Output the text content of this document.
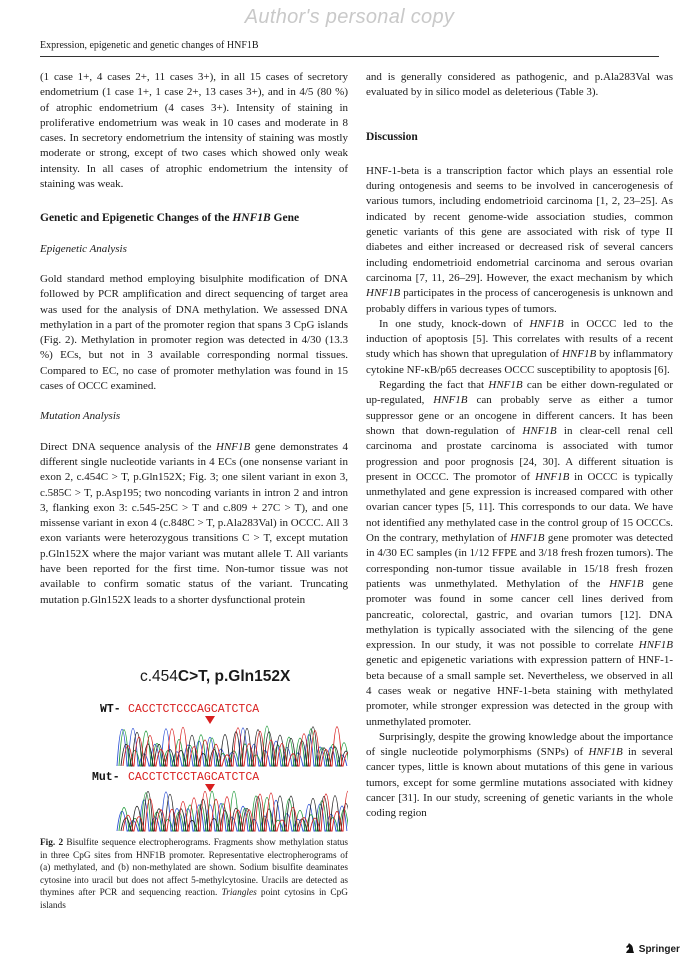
Author's personal copy
Expression, epigenetic and genetic changes of HNF1B

(1 case 1+, 4 cases 2+, 11 cases 3+), in all 15 cases of secretory endometrium (1 case 1+, 1 case 2+, 13 cases 3+), and in 4/5 (80 %) of atrophic endometrium (4 cases 3+). Intensity of staining in proliferative endometrium was weak in 10 cases and moderate in 8 cases. In secretory endometrium the intensity of staining was mostly moderate or strong, except of two cases which showed only weak intensity. In all cases of atrophic endometrium the intensity of staining was weak.

Genetic and Epigenetic Changes of the HNF1B Gene

Epigenetic Analysis

Gold standard method employing bisulphite modification of DNA followed by PCR amplification and direct sequencing of target area was used for the analysis of DNA methylation. We assessed DNA methylation in a part of the promoter region that spans 3 CpG islands (Fig. 2). Methylation in promoter region was detected in 4/30 (13.3 %) ECs, but not in 3 available corresponding normal tissues. Compared to EC, no case of promoter methylation was found in 15 cases of OCCC examined.

Mutation Analysis

Direct DNA sequence analysis of the HNF1B gene demonstrates 4 different single nucleotide variants in 4 ECs (one nonsense variant in exon 2, c.454C > T, p.Gln152X; Fig. 3; one silent variant in exon 3, c.585C > T, p.Asp195; two noncoding variants in intron 2 and intron 3, flanking exon 3: c.545-25C > T and c.809 + 27C > T), and one missense variant in exon 4 (c.848C > T, p.Ala283Val) in OCCC. All 3 exon variants were heterozygous transitions C > T, except mutation p.Gln152X where the major variant was mutant allele T. All variants have been reported for the first time. Non-tumor tissue was not available to confirm somatic status of the variant. Truncating mutation p.Gln152X leads to a shorter dysfunctional protein

c.454C>T, p.Gln152X
WT- CACCTCTCCCAGCATCTCA
Mut- CACCTCTCCTAGCATCTCA
Fig. 2 Bisulfite sequence electropherograms. Fragments show methylation status in three CpG sites from HNF1B promoter. Representative electropherograms of (a) methylated, and (b) non-methylated are shown. Sodium bisulfite deaminates cytosine into uracil but does not affect 5-methylcytosine. Uracils are detected as thymines after PCR and sequencing reaction. Triangles point cytosins in CpG islands

and is generally considered as pathogenic, and p.Ala283Val was evaluated by in silico model as deleterious (Table 3).

Discussion

HNF-1-beta is a transcription factor which plays an essential role during ontogenesis and seems to be involved in cancerogenesis of various tumors, including endometrioid carcinoma [1, 2, 23–25]. As indicated by recent genome-wide association studies, common genetic variants of this gene are associated with risk of type II diabetes and either increased or decreased risk of several cancers including endometrioid endometrial carcinoma and serous ovarian carcinoma [7, 11, 26–29]. However, the exact mechanism by which HNF1B participates in the process of cancerogenesis is unknown and probably differs in various types of tumors.

In one study, knock-down of HNF1B in OCCC led to the induction of apoptosis [5]. This correlates with results of a recent study which has shown that upregulation of HNF1B by inflammatory cytokine NF-κB/p65 decreases OCCC susceptibility to apoptosis [6].

Regarding the fact that HNF1B can be either down-regulated or up-regulated, HNF1B can probably serve as either a tumor suppressor gene or an oncogene in different cancers. It has been shown that down-regulation of HNF1B in clear-cell renal cell carcinoma and prostate carcinoma is associated with tumor progression and poor prognosis [24, 30]. A different situation is present in OCCC. The promotor of HNF1B in OCCC is typically unmethylated and gene expression is increased compared with other ovarian cancer types [5, 11]. This corresponds to our data. We have not identified any methylated case in the control group of 15 OCCCs. On the contrary, methylation of HNF1B gene promoter was detected in 4/30 EC samples (in 1/12 FFPE and 3/18 fresh frozen tumors). The corresponding non-tumor tissue available in 15/18 fresh frozen patients was unmethylated. Methylation of the HNF1B gene promoter was found in some cancer cell lines derived from pancreatic, colorectal, gastric, and ovarian tumors [12]. DNA methylation is typically associated with the silencing of the gene expression. In our study, it was not possible to correlate HNF1B genetic and epigenetic variations with expression pattern of HNF-1-beta because of a small sample set. Nevertheless, we observed in all 4 cases weak or negative HNF-1-beta staining with methylated promoter, while stronger expression was detected in the group with unmethylated promoter.

Surprisingly, despite the growing knowledge about the importance of single nucleotide polymorphisms (SNPs) of HNF1B in several cancer types, little is known about mutations of this gene in various tumors, except for some germline mutations associated with kidney cancer [31]. In our study, screening of genetic variants in the whole coding region

Springer
